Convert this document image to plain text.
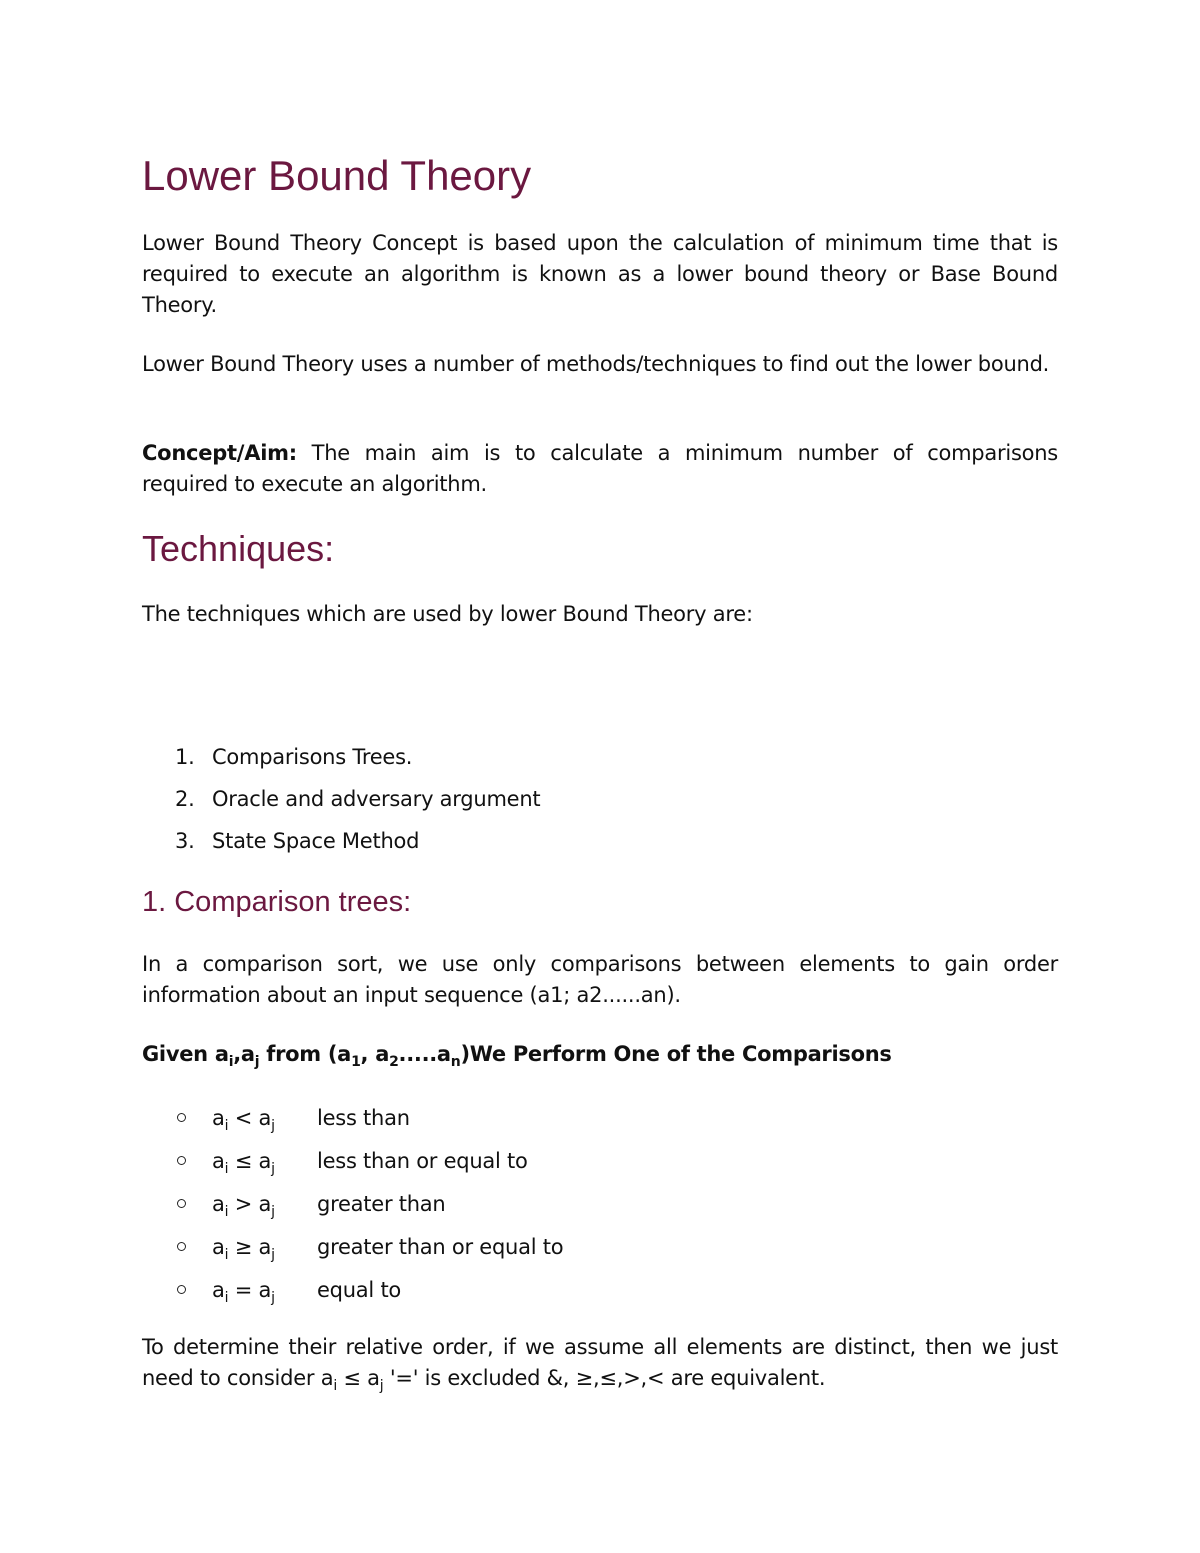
Lower Bound Theory

Lower Bound Theory Concept is based upon the calculation of minimum time that is required to execute an algorithm is known as a lower bound theory or Base Bound Theory.

Lower Bound Theory uses a number of methods/techniques to find out the lower bound.

Concept/Aim: The main aim is to calculate a minimum number of comparisons required to execute an algorithm.

Techniques:

The techniques which are used by lower Bound Theory are:

1. Comparisons Trees.
2. Oracle and adversary argument
3. State Space Method
1. Comparison trees:

In a comparison sort, we use only comparisons between elements to gain order information about an input sequence (a1; a2......an).

Given $a_i,a_j$ from ($a_1$, $a_2.....a_n)We$ Perform One of the Comparisons

$a_i < a_j$ less than
$a_i \le a_j$ less than or equal to
$a_i > a_j$ greater than
$a_i \ge a_j$ greater than or equal to
$a_i = a_j$ equal to

To determine their relative order, if we assume all elements are distinct, then we just need to consider $a_i \le a_j$ '=' is excluded &, ≥,≤,>,< are equivalent.
